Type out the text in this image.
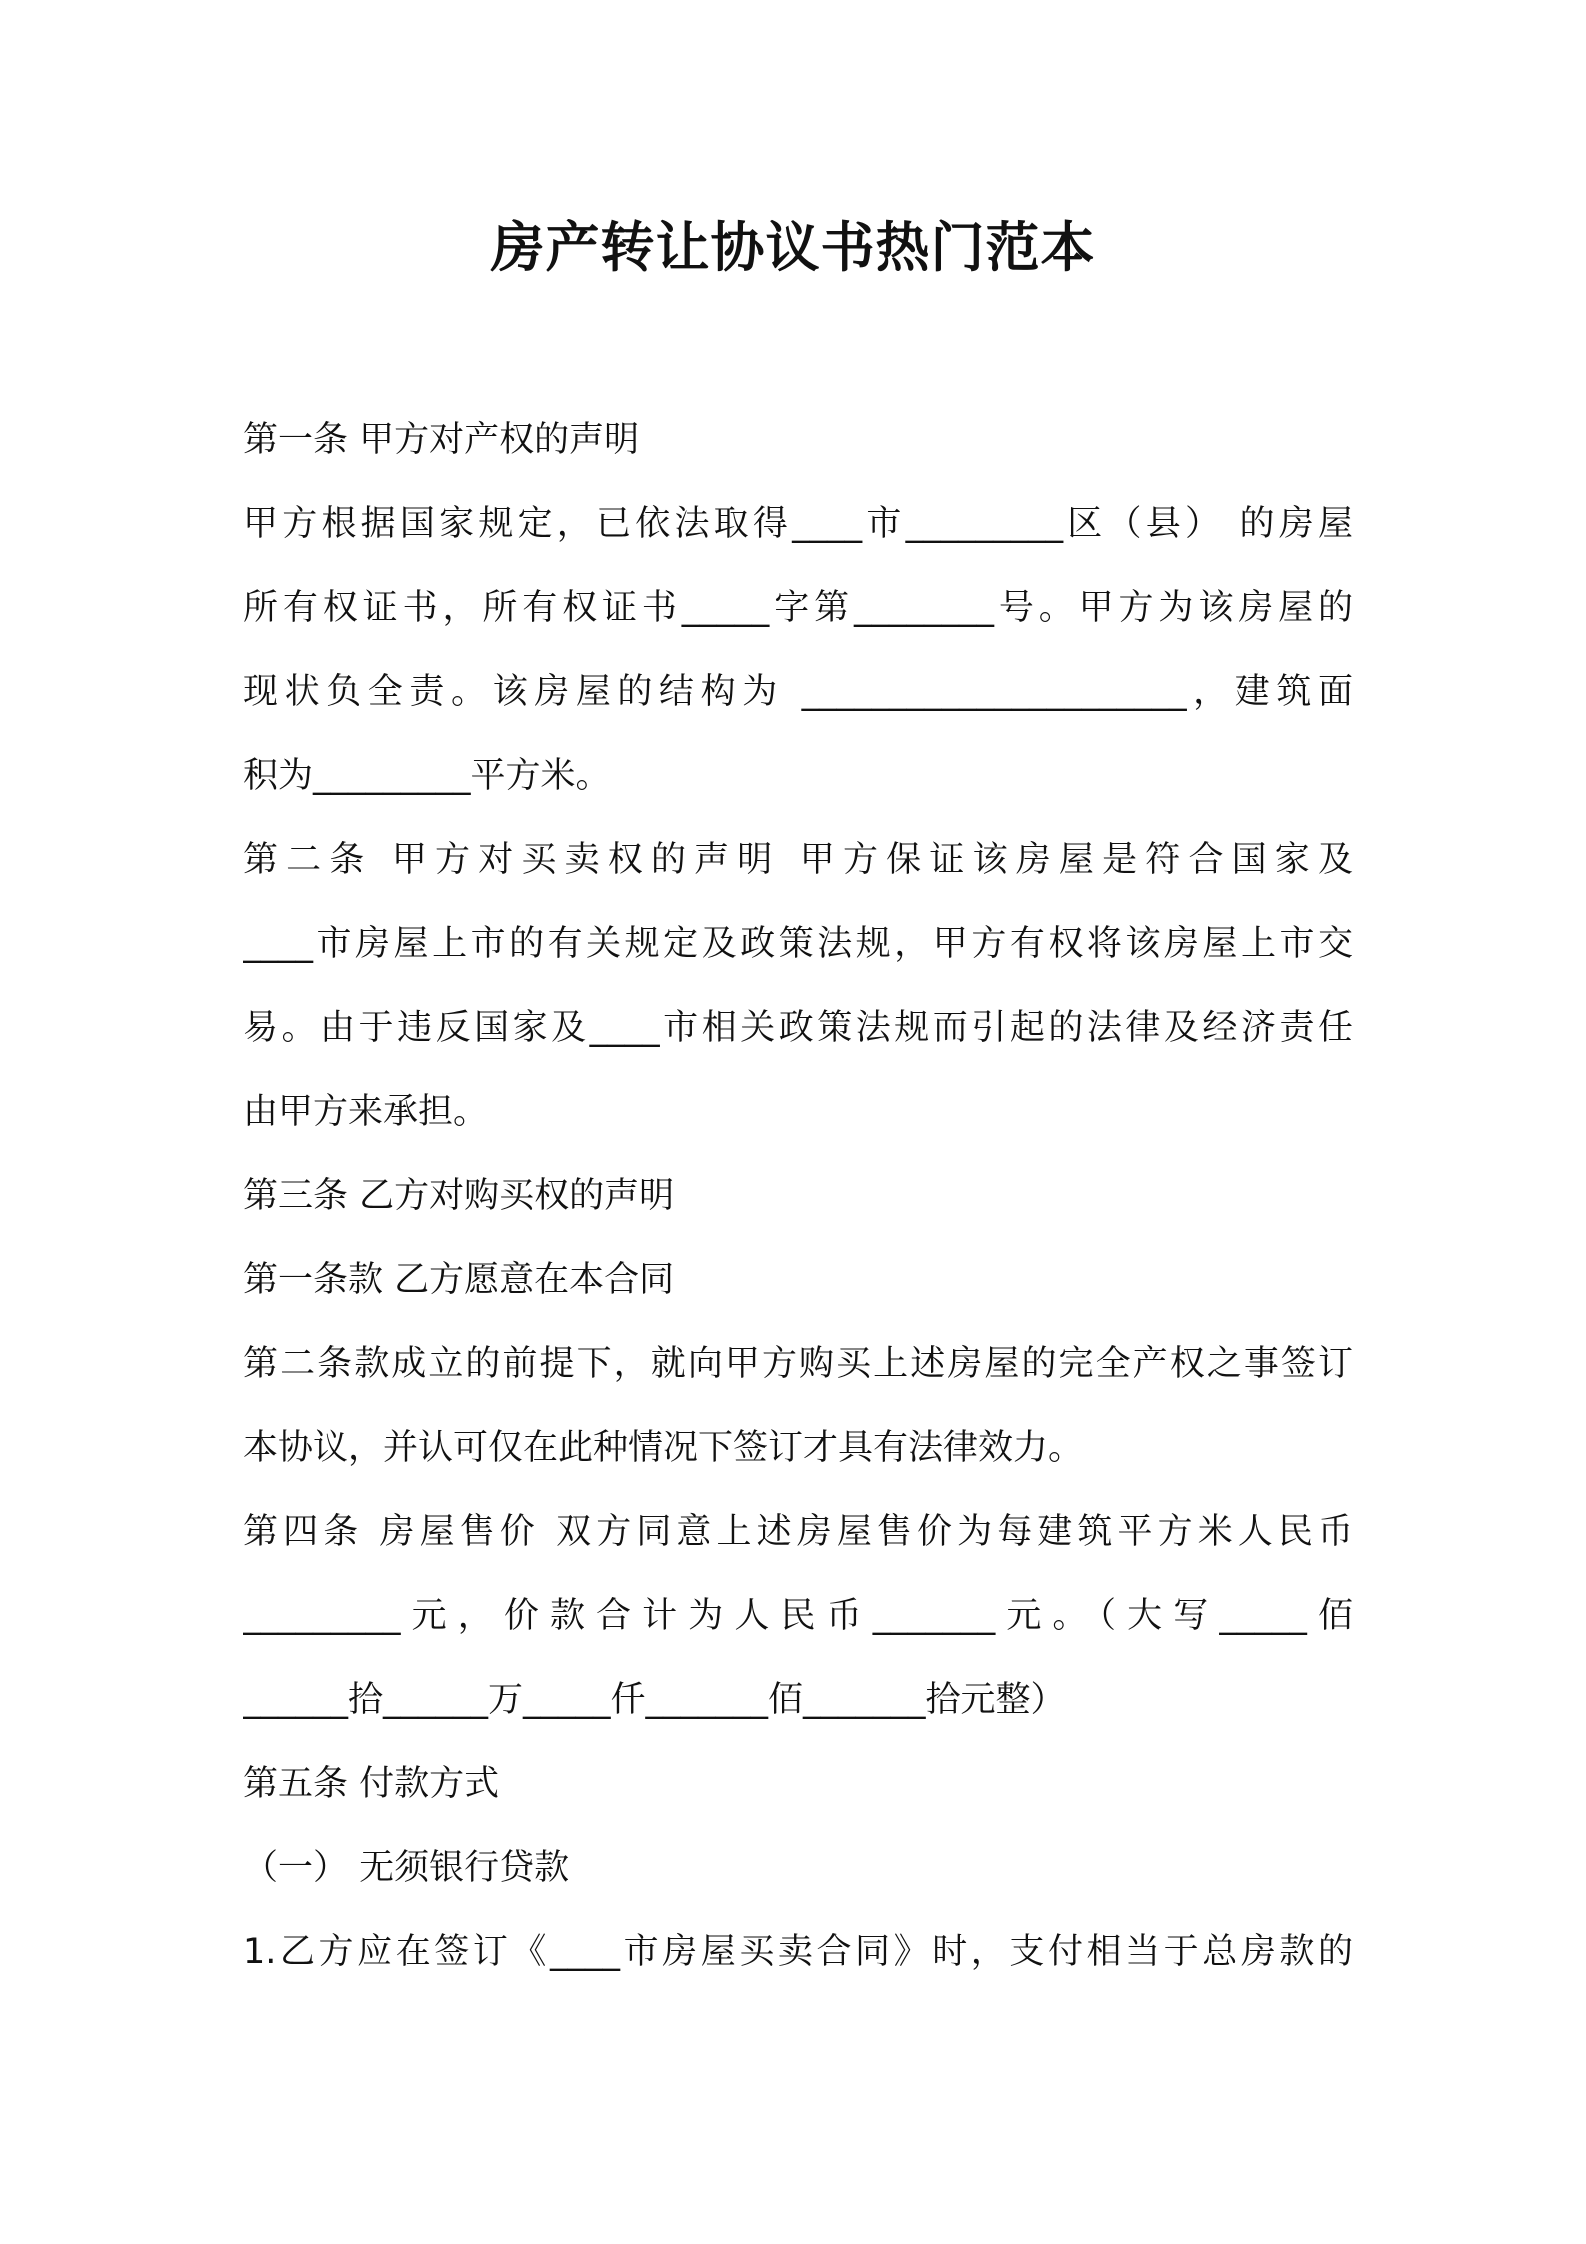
房产转让协议书热门范本
第一条 甲方对产权的声明
甲方根据国家规定，已依法取得____市_________区（县） 的房屋
所有权证书，所有权证书_____字第________号。甲方为该房屋的
现状负全责。该房屋的结构为 ______________________，建筑面
积为_________平方米。
第二条 甲方对买卖权的声明 甲方保证该房屋是符合国家及
____市房屋上市的有关规定及政策法规，甲方有权将该房屋上市交
易。由于违反国家及____市相关政策法规而引起的法律及经济责任
由甲方来承担。
第三条 乙方对购买权的声明
第一条款 乙方愿意在本合同
第二条款成立的前提下，就向甲方购买上述房屋的完全产权之事签订
本协议，并认可仅在此种情况下签订才具有法律效力。
第四条 房屋售价 双方同意上述房屋售价为每建筑平方米人民币
_________元，价款合计为人民币_______元。（大写_____佰
______拾______万_____仟_______佰_______拾元整）
第五条 付款方式
（一） 无须银行贷款
1.乙方应在签订《____市房屋买卖合同》时，支付相当于总房款的
